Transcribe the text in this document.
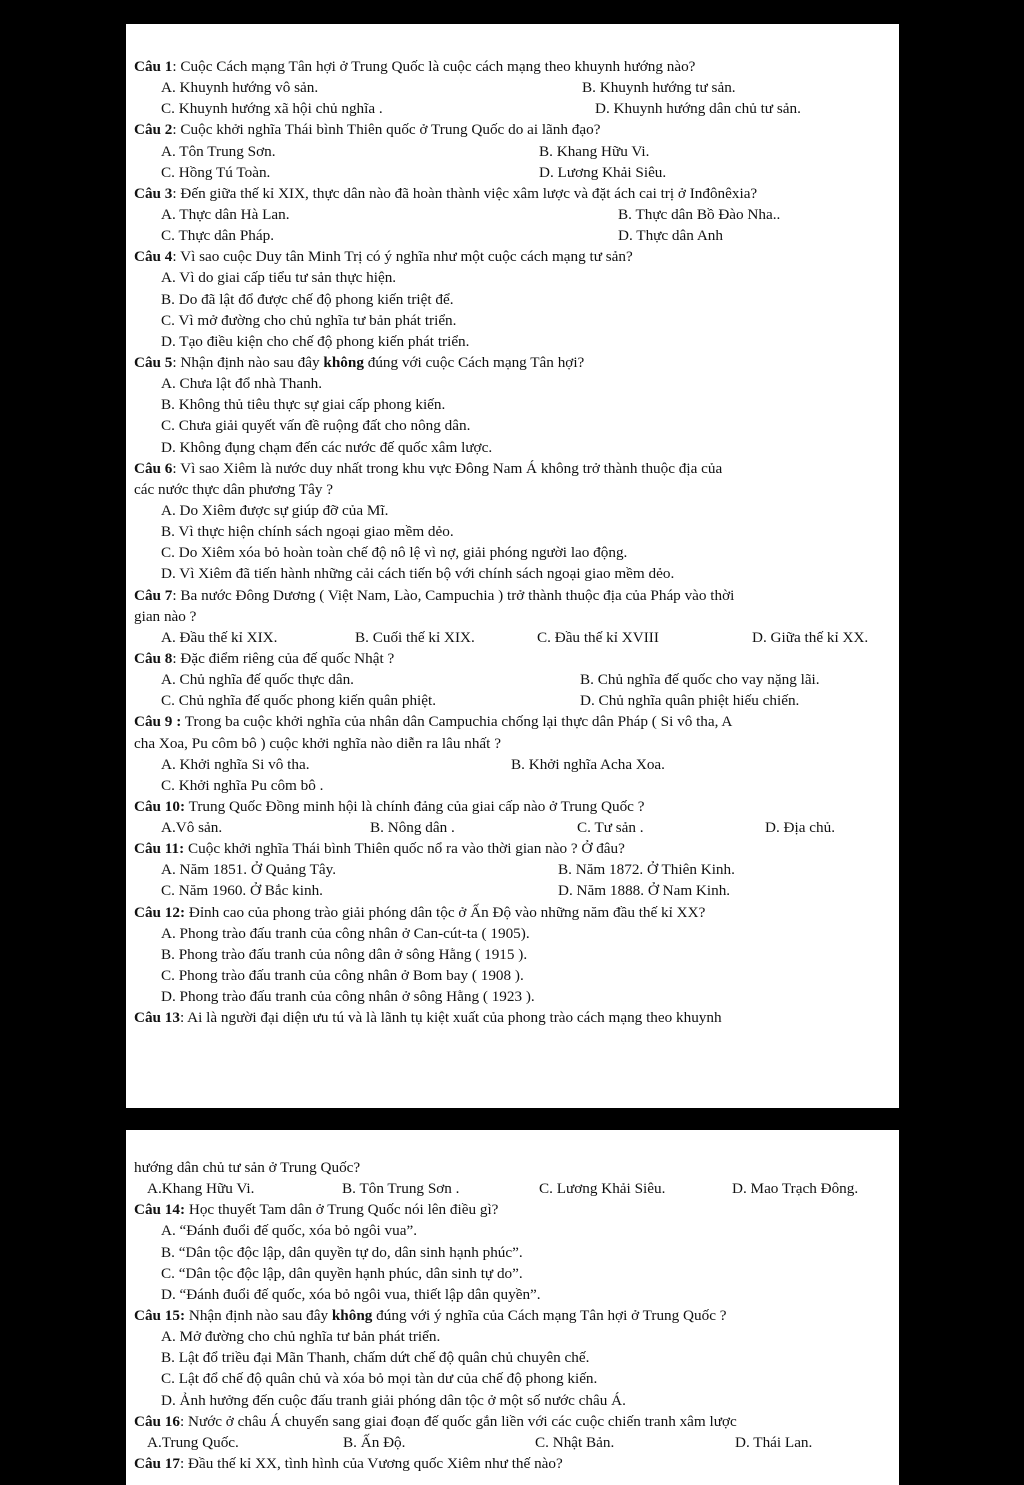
Câu 1: Cuộc Cách mạng Tân hợi ở Trung Quốc là cuộc cách mạng theo khuynh hướng nào?
A. Khuynh hướng vô sản.	B. Khuynh hướng tư sản.
C. Khuynh hướng xã hội chủ nghĩa .	D. Khuynh hướng dân chủ tư sản.
Câu 2: Cuộc khởi nghĩa Thái bình Thiên quốc ở Trung Quốc do ai lãnh đạo?
A. Tôn Trung Sơn.	B. Khang Hữu Vi.
C. Hồng Tú Toàn.	D. Lương Khải Siêu.
Câu 3: Đến giữa thế kỉ XIX, thực dân nào đã hoàn thành việc xâm lược và đặt ách cai trị ở Inđônêxia?
A. Thực dân Hà Lan.	B. Thực dân Bồ Đào Nha..
C. Thực dân Pháp.	D. Thực dân Anh
Câu 4: Vì sao cuộc Duy tân Minh Trị có ý nghĩa như một cuộc cách mạng tư sản?
A. Vì do giai cấp tiểu tư sản thực hiện.
B. Do đã lật đổ được chế độ phong kiến triệt để.
C. Vì mở đường cho chủ nghĩa tư bản phát triển.
D. Tạo điều kiện cho chế độ phong kiến phát triển.
Câu 5: Nhận định nào sau đây không đúng với cuộc Cách mạng Tân hợi?
A. Chưa lật đổ nhà Thanh.
B. Không thủ tiêu thực sự giai cấp phong kiến.
C. Chưa giải quyết vấn đề ruộng đất cho nông dân.
D. Không đụng chạm đến các nước đế quốc xâm lược.
Câu 6: Vì sao Xiêm là nước duy nhất trong khu vực Đông Nam Á không trở thành thuộc địa của
các nước thực dân phương Tây ?
A. Do Xiêm được sự giúp đỡ của Mĩ.
B. Vì thực hiện chính sách ngoại giao mềm dẻo.
C. Do Xiêm xóa bỏ hoàn toàn chế độ nô lệ vì nợ, giải phóng người lao động.
D. Vì Xiêm đã tiến hành những cải cách tiến bộ với chính sách ngoại giao mềm dẻo.
Câu 7: Ba nước Đông Dương ( Việt Nam, Lào, Campuchia ) trở thành thuộc địa của Pháp vào thời
gian nào ?
A. Đầu thế kỉ XIX.	B. Cuối thế kỉ XIX.	C. Đầu thế kỉ XVIII	D. Giữa thế kỉ XX.
Câu 8: Đặc điểm riêng của đế quốc Nhật ?
A. Chủ nghĩa đế quốc thực dân.	B. Chủ nghĩa đế quốc cho vay nặng lãi.
C. Chủ nghĩa đế quốc phong kiến quân phiệt.	D. Chủ nghĩa quân phiệt hiếu chiến.
Câu 9 : Trong ba cuộc khởi nghĩa của nhân dân Campuchia chống lại thực dân Pháp ( Si vô tha, A
cha Xoa, Pu côm bô ) cuộc khởi nghĩa nào diễn ra lâu nhất ?
A. Khởi nghĩa Si vô tha.	B. Khởi nghĩa Acha Xoa.
C. Khởi nghĩa Pu côm bô .
Câu 10: Trung Quốc Đồng minh hội là chính đảng của giai cấp nào ở Trung Quốc ?
A.Vô sản.	B. Nông dân .	C. Tư sản .	D. Địa chủ.
Câu 11: Cuộc khởi nghĩa Thái bình Thiên quốc nổ ra vào thời gian nào ? Ở đâu?
A. Năm 1851. Ở Quảng Tây.	B. Năm 1872. Ở Thiên Kinh.
C. Năm 1960. Ở Bắc kinh.	D. Năm 1888. Ở Nam Kinh.
Câu 12: Đỉnh cao của phong trào giải phóng dân tộc ở Ấn Độ vào những năm đầu thế kỉ XX?
A. Phong trào đấu tranh của công nhân ở Can-cút-ta ( 1905).
B. Phong trào đấu tranh của nông dân ở sông Hằng ( 1915 ).
C. Phong trào đấu tranh của công nhân ở Bom bay ( 1908 ).
D. Phong trào đấu tranh của công nhân ở sông Hằng ( 1923 ).
Câu 13: Ai là người đại diện ưu tú và là lãnh tụ kiệt xuất của phong trào cách mạng theo khuynh
hướng dân chủ tư sản ở Trung Quốc?
A.Khang Hữu Vi.	B. Tôn Trung Sơn .	C. Lương Khải Siêu.	D. Mao Trạch Đông.
Câu 14: Học thuyết Tam dân ở Trung Quốc nói lên điều gì?
A. “Đánh đuổi đế quốc, xóa bỏ ngôi vua”.
B. “Dân tộc độc lập, dân quyền tự do, dân sinh hạnh phúc”.
C. “Dân tộc độc lập, dân quyền hạnh phúc, dân sinh tự do”.
D. “Đánh đuổi đế quốc, xóa bỏ ngôi vua, thiết lập dân quyền”.
Câu 15: Nhận định nào sau đây không đúng với ý nghĩa của Cách mạng Tân hợi ở Trung Quốc ?
A. Mở đường cho chủ nghĩa tư bản phát triển.
B. Lật đổ triều đại Mãn Thanh, chấm dứt chế độ quân chủ chuyên chế.
C. Lật đổ chế độ quân chủ và xóa bỏ mọi tàn dư của chế độ phong kiến.
D. Ảnh hưởng đến cuộc đấu tranh giải phóng dân tộc ở một số nước châu Á.
Câu 16: Nước ở châu Á chuyển sang giai đoạn đế quốc gắn liền với các cuộc chiến tranh xâm lược
A.Trung Quốc.	B. Ấn Độ.	C. Nhật Bản.	D. Thái Lan.
Câu 17: Đầu thế kỉ XX, tình hình của Vương quốc Xiêm như thế nào?
